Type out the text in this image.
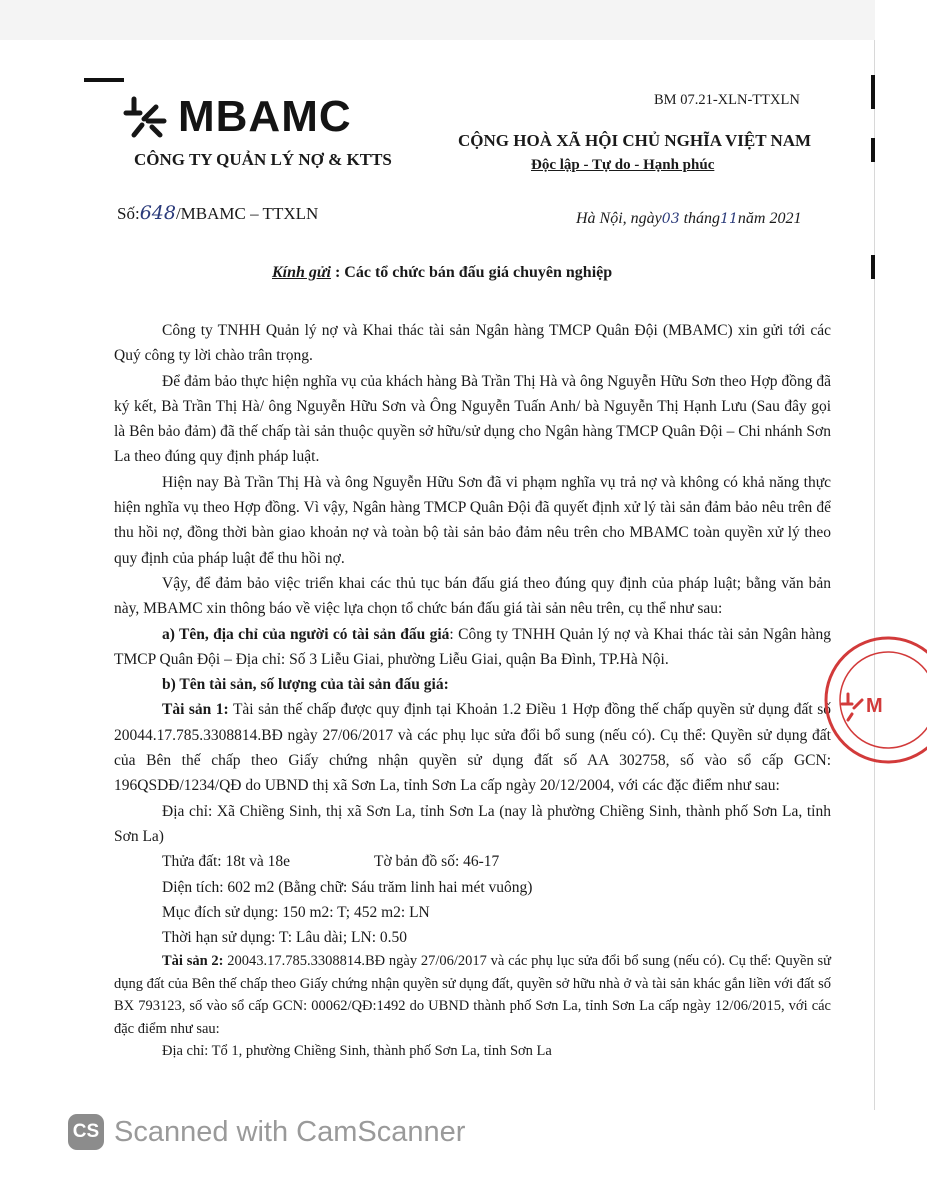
MBAMC
CÔNG TY QUẢN LÝ NỢ & KTTS
BM 07.21-XLN-TTXLN
CỘNG HOÀ XÃ HỘI CHỦ NGHĨA VIỆT NAM
Độc lập - Tự do - Hạnh phúc
Số:648/MBAMC – TTXLN	Hà Nội, ngày03 tháng11năm 2021
Kính gửi : Các tổ chức bán đấu giá chuyên nghiệp

Công ty TNHH Quản lý nợ và Khai thác tài sản Ngân hàng TMCP Quân Đội (MBAMC) xin gửi tới các Quý công ty lời chào trân trọng.

Để đảm bảo thực hiện nghĩa vụ của khách hàng Bà Trần Thị Hà và ông Nguyễn Hữu Sơn theo Hợp đồng đã ký kết, Bà Trần Thị Hà/ ông Nguyễn Hữu Sơn và Ông Nguyễn Tuấn Anh/ bà Nguyễn Thị Hạnh Lưu (Sau đây gọi là Bên bảo đảm) đã thế chấp tài sản thuộc quyền sở hữu/sử dụng cho Ngân hàng TMCP Quân Đội – Chi nhánh Sơn La theo đúng quy định pháp luật.

Hiện nay Bà Trần Thị Hà và ông Nguyễn Hữu Sơn đã vi phạm nghĩa vụ trả nợ và không có khả năng thực hiện nghĩa vụ theo Hợp đồng. Vì vậy, Ngân hàng TMCP Quân Đội đã quyết định xử lý tài sản đảm bảo nêu trên để thu hồi nợ, đồng thời bàn giao khoản nợ và toàn bộ tài sản bảo đảm nêu trên cho MBAMC toàn quyền xử lý theo quy định của pháp luật để thu hồi nợ.

Vậy, để đảm bảo việc triển khai các thủ tục bán đấu giá theo đúng quy định của pháp luật; bằng văn bản này, MBAMC xin thông báo về việc lựa chọn tổ chức bán đấu giá tài sản nêu trên, cụ thể như sau:

a) Tên, địa chỉ của người có tài sản đấu giá: Công ty TNHH Quản lý nợ và Khai thác tài sản Ngân hàng TMCP Quân Đội – Địa chỉ: Số 3 Liễu Giai, phường Liễu Giai, quận Ba Đình, TP.Hà Nội.

b) Tên tài sản, số lượng của tài sản đấu giá:

Tài sản 1: Tài sản thế chấp được quy định tại Khoản 1.2 Điều 1 Hợp đồng thế chấp quyền sử dụng đất số 20044.17.785.3308814.BĐ ngày 27/06/2017 và các phụ lục sửa đổi bổ sung (nếu có). Cụ thể: Quyền sử dụng đất của Bên thế chấp theo Giấy chứng nhận quyền sử dụng đất số AA 302758, số vào sổ cấp GCN: 196QSDĐ/1234/QĐ do UBND thị xã Sơn La, tỉnh Sơn La cấp ngày 20/12/2004, với các đặc điểm như sau:

Địa chỉ: Xã Chiềng Sinh, thị xã Sơn La, tỉnh Sơn La (nay là phường Chiềng Sinh, thành phố Sơn La, tỉnh Sơn La)

Thửa đất: 18t và 18e	Tờ bản đồ số: 46-17

Diện tích: 602 m2 (Bằng chữ: Sáu trăm linh hai mét vuông)

Mục đích sử dụng: 150 m2: T; 452 m2: LN

Thời hạn sử dụng: T: Lâu dài; LN: 0.50

Tài sản 2: 20043.17.785.3308814.BĐ ngày 27/06/2017 và các phụ lục sửa đổi bổ sung (nếu có). Cụ thể: Quyền sử dụng đất của Bên thế chấp theo Giấy chứng nhận quyền sử dụng đất, quyền sở hữu nhà ở và tài sản khác gắn liền với đất số BX 793123, số vào sổ cấp GCN: 00062/QĐ:1492 do UBND thành phố Sơn La, tỉnh Sơn La cấp ngày 12/06/2015, với các đặc điểm như sau:

Địa chỉ: Tổ 1, phường Chiềng Sinh, thành phố Sơn La, tỉnh Sơn La

M
CS Scanned with CamScanner
